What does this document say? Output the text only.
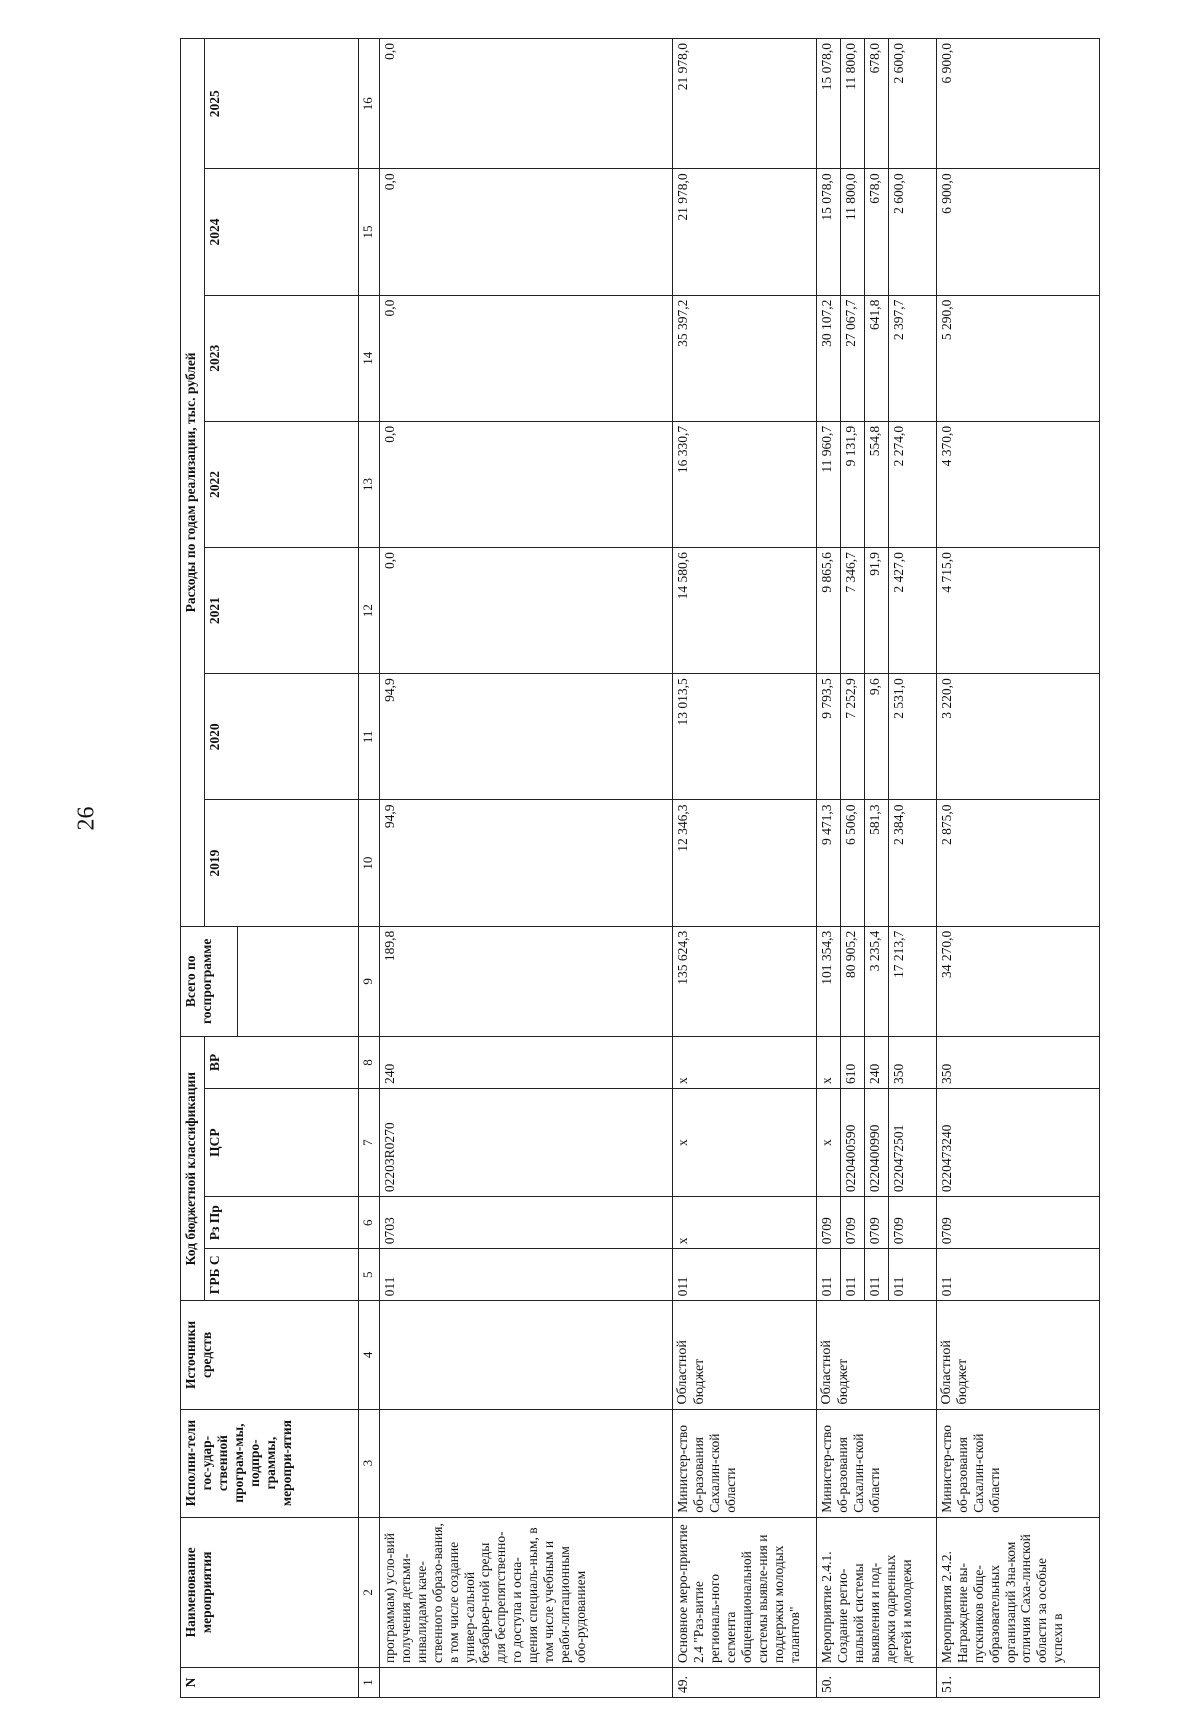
26
N	Наименование мероприятия	Исполни-тели гос-удар-ственной програм-мы, подпро-граммы, меропри-ятия	Источники средств	Код бюджетной классификации				Всего по госпрограмме	Расходы по годам реализации, тыс. рублей						
				ГРБ С	Рз Пр	ЦСР	ВР		2019	2020	2021	2022	2023	2024	2025

1	2	3	4	5	6	7	8	9	10	11	12	13	14	15	16
	программам) усло-вий получения детьми-инвалидами каче-ственного образо-вания, в том числе создание универ-сальной безбарьер-ной среды для беспрепятственно-го доступа и осна-щения специаль-ным, в том числе учебным и реаби-литационным обо-рудованием			011	0703	02203R0270	240	189,8	94,9	94,9	0,0	0,0	0,0	0,0	0,0
49.	Основное меро-приятие 2.4 "Раз-витие региональ-ного сегмента общенациональной системы выявле-ния и поддержки молодых талантов"	Министер-ство об-разования Сахалин-ской области	Областной бюджет	011	x	x	x	135 624,3	12 346,3	13 013,5	14 580,6	16 330,7	35 397,2	21 978,0	21 978,0
50.	Мероприятие 2.4.1. Создание регио-нальной системы выявления и под-держки одаренных детей и молодежи	Министер-ство об-разования Сахалин-ской области	Областной бюджет	011	0709	x	x	101 354,3	9 471,3	9 793,5	9 865,6	11 960,7	30 107,2	15 078,0	15 078,0
				011	0709	0220400590	610	80 905,2	6 506,0	7 252,9	7 346,7	9 131,9	27 067,7	11 800,0	11 800,0
				011	0709	0220400990	240	3 235,4	581,3	9,6	91,9	554,8	641,8	678,0	678,0
				011	0709	0220472501	350	17 213,7	2 384,0	2 531,0	2 427,0	2 274,0	2 397,7	2 600,0	2 600,0
51.	Мероприятия 2.4.2. Награждение вы-пускников обще-образовательных организаций Зна-ком отличия Саха-линской области за особые успехи в	Министер-ство об-разования Сахалин-ской области	Областной бюджет	011	0709	0220473240	350	34 270,0	2 875,0	3 220,0	4 715,0	4 370,0	5 290,0	6 900,0	6 900,0
